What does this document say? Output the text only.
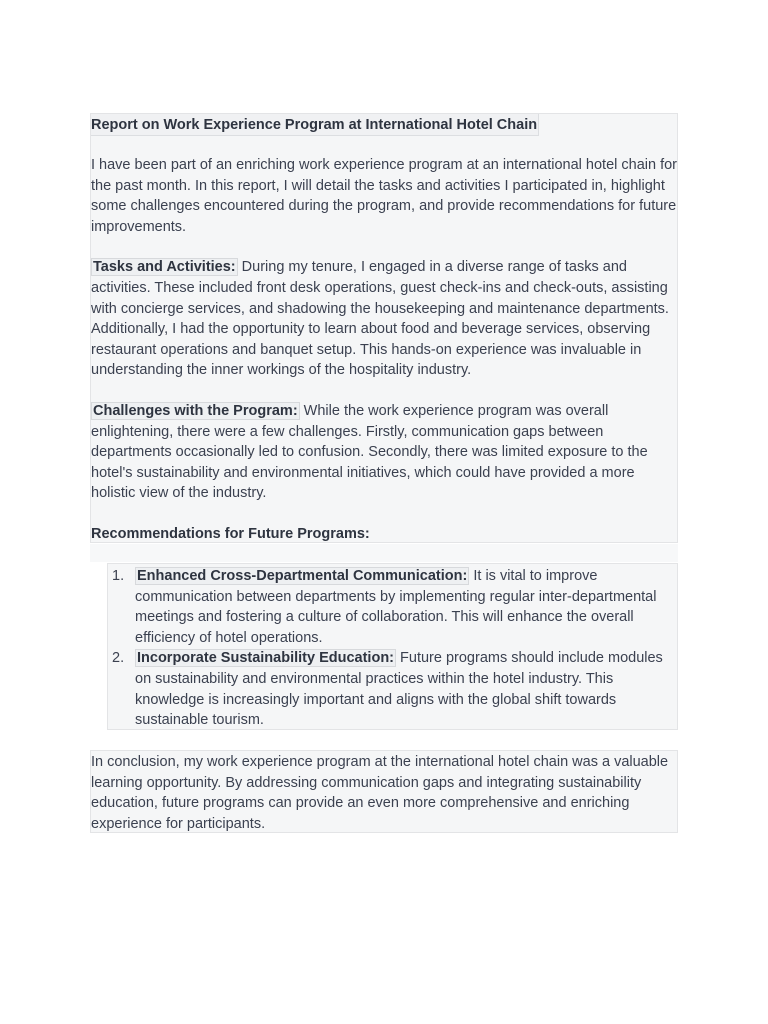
Report on Work Experience Program at International Hotel Chain

I have been part of an enriching work experience program at an international hotel chain for the past month. In this report, I will detail the tasks and activities I participated in, highlight some challenges encountered during the program, and provide recommendations for future improvements.

Tasks and Activities: During my tenure, I engaged in a diverse range of tasks and activities. These included front desk operations, guest check-ins and check-outs, assisting with concierge services, and shadowing the housekeeping and maintenance departments. Additionally, I had the opportunity to learn about food and beverage services, observing restaurant operations and banquet setup. This hands-on experience was invaluable in understanding the inner workings of the hospitality industry.

Challenges with the Program: While the work experience program was overall enlightening, there were a few challenges. Firstly, communication gaps between departments occasionally led to confusion. Secondly, there was limited exposure to the hotel's sustainability and environmental initiatives, which could have provided a more holistic view of the industry.

Recommendations for Future Programs:
1. Enhanced Cross-Departmental Communication: It is vital to improve communication between departments by implementing regular inter-departmental meetings and fostering a culture of collaboration. This will enhance the overall efficiency of hotel operations.
2. Incorporate Sustainability Education: Future programs should include modules on sustainability and environmental practices within the hotel industry. This knowledge is increasingly important and aligns with the global shift towards sustainable tourism.

In conclusion, my work experience program at the international hotel chain was a valuable learning opportunity. By addressing communication gaps and integrating sustainability education, future programs can provide an even more comprehensive and enriching experience for participants.
